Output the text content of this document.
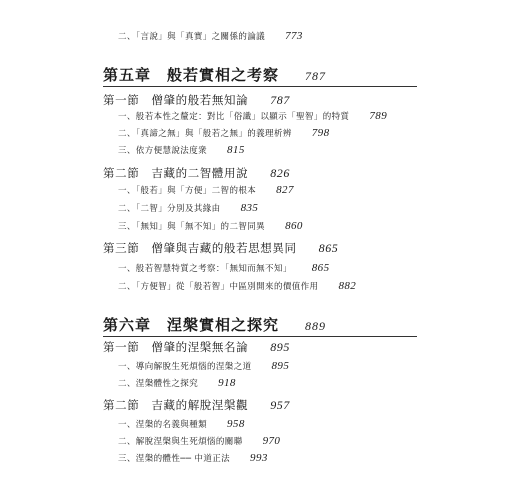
二、「言說」與「真實」之關係的論議 773
第五章　般若實相之考察 787
第一節　僧肇的般若無知論 787
一、般若本性之釐定：對比「俗識」以顯示「聖智」的特質 789
二、「真諦之無」與「般若之無」的義理析辨 798
三、依方便慧說法度衆 815
第二節　吉藏的二智體用說 826
一、「般若」與「方便」二智的根本 827
二、「二智」分別及其緣由 835
三、「無知」與「無不知」的二智同異 860
第三節　僧肇與吉藏的般若思想異同 865
一、般若智慧特質之考察：「無知而無不知」 865
二、「方便智」從「般若智」中區別開來的價值作用 882
第六章　涅槃實相之探究 889
第一節　僧肇的涅槃無名論 895
一、導向解脫生死煩惱的涅槃之道 895
二、涅槃體性之探究 918
第二節　吉藏的解脫涅槃觀 957
一、涅槃的名義與種類 958
二、解脫涅槃與生死煩惱的關聯 970
三、涅槃的體性── 中道正法 993
